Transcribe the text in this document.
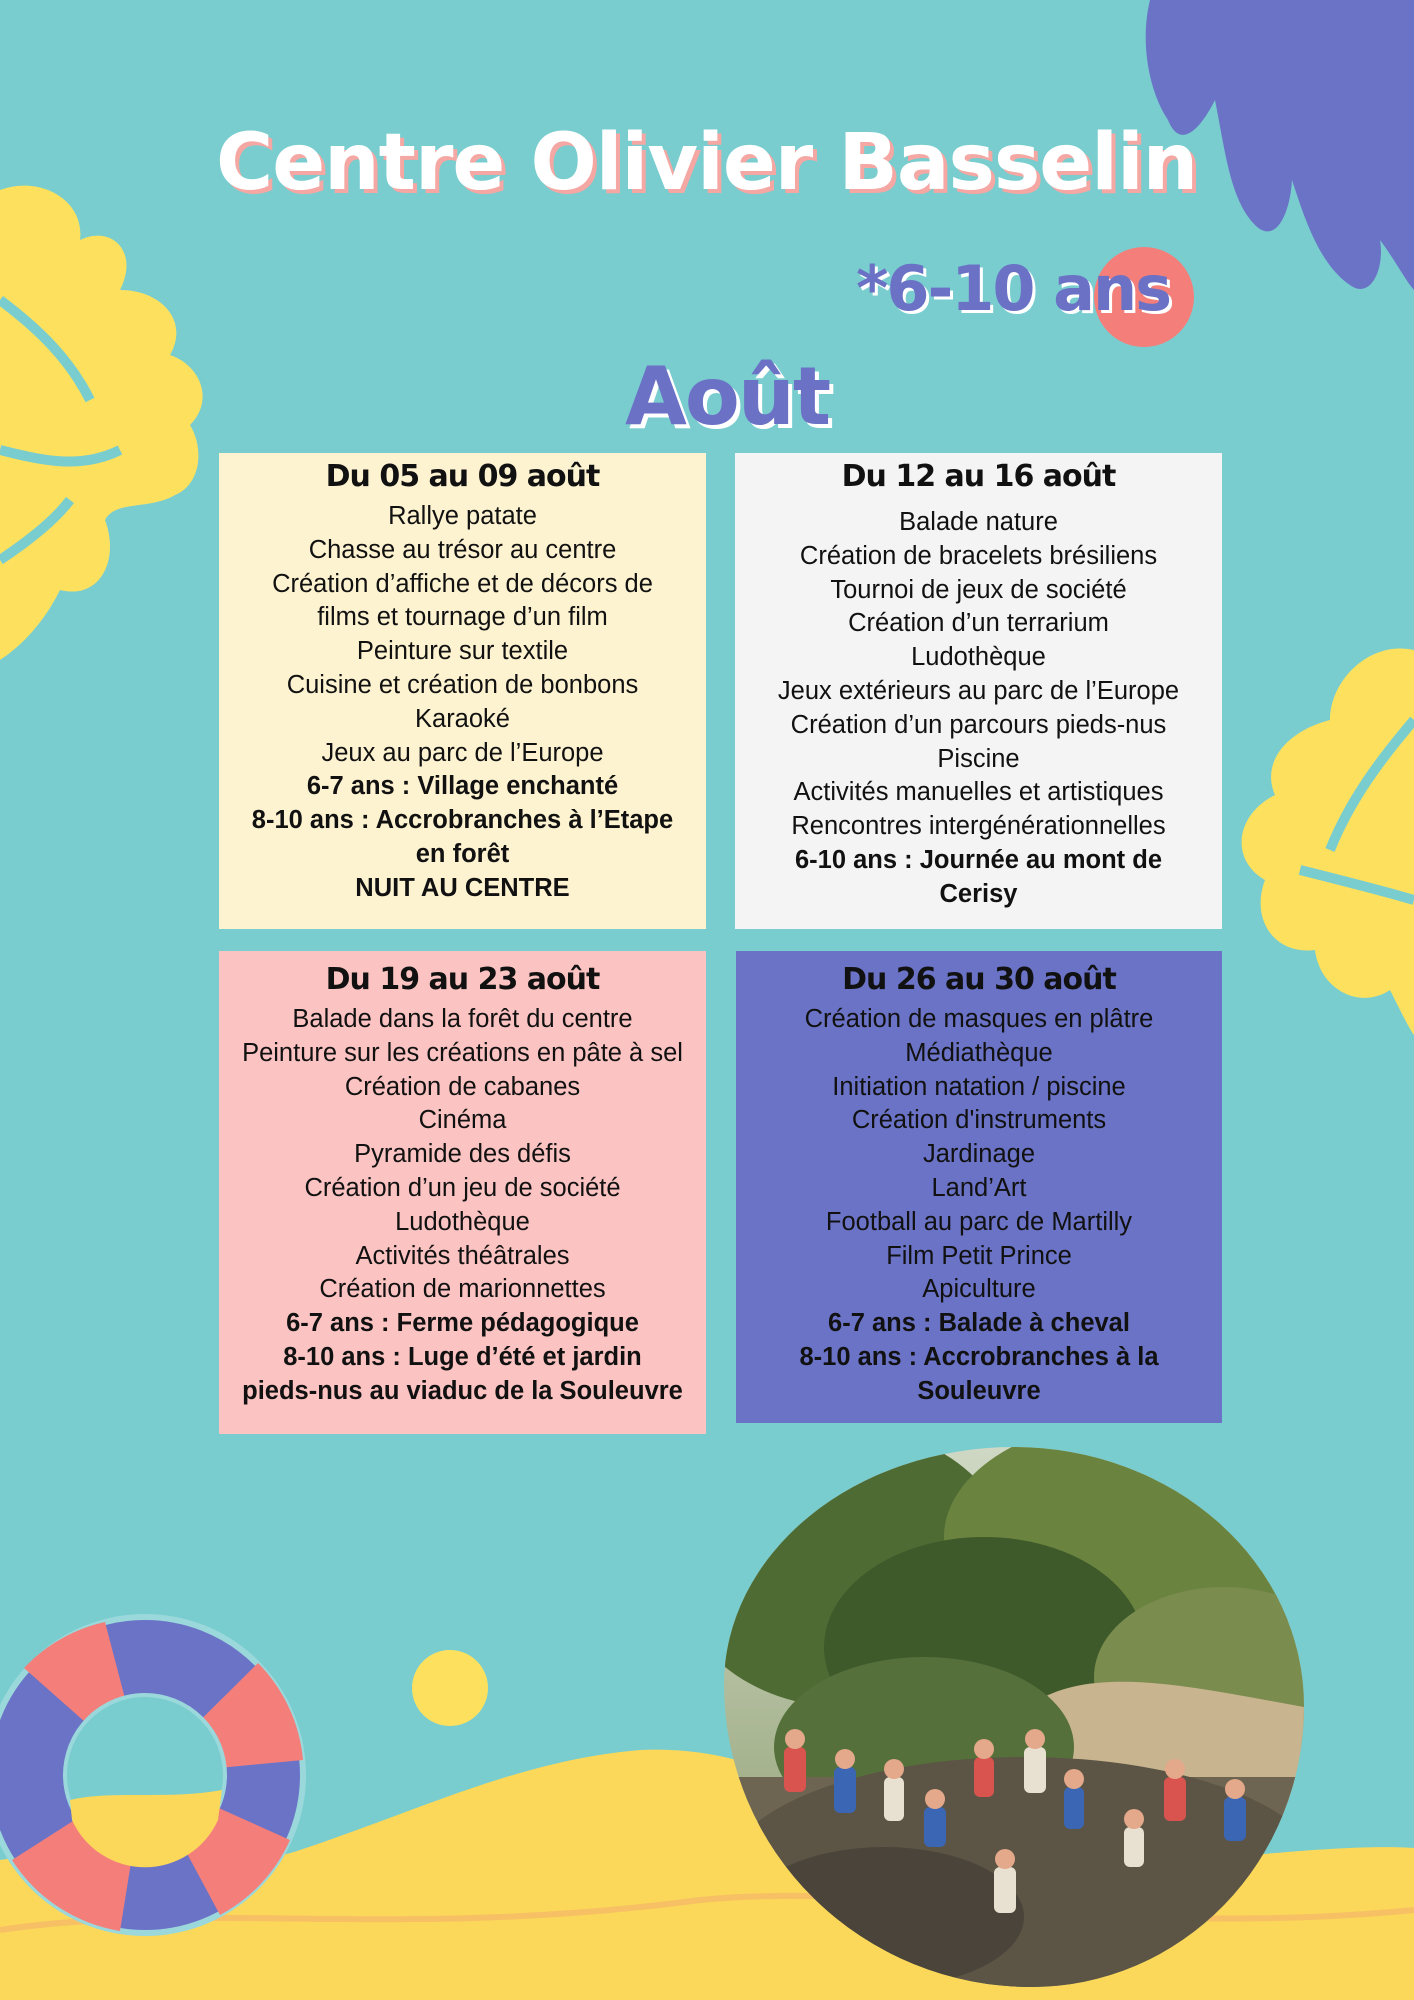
Centre Olivier Basselin
*6-10 ans
Août
Du 05 au 09 août
Rallye patate
Chasse au trésor au centre
Création d’affiche et de décors de
films et tournage d’un film
Peinture sur textile
Cuisine et création de bonbons
Karaoké
Jeux au parc de l’Europe
6-7 ans : Village enchanté
8-10 ans : Accrobranches à l’Etape
en forêt
NUIT AU CENTRE
Du 12 au 16 août
Balade nature
Création de bracelets brésiliens
Tournoi de jeux de société
Création d’un terrarium
Ludothèque
Jeux extérieurs au parc de l’Europe
Création d’un parcours pieds-nus
Piscine
Activités manuelles et artistiques
Rencontres intergénérationnelles
6-10 ans : Journée au mont de
Cerisy
Du 19 au 23 août
Balade dans la forêt du centre
Peinture sur les créations en pâte à sel
Création de cabanes
Cinéma
Pyramide des défis
Création d’un jeu de société
Ludothèque
Activités théâtrales
Création de marionnettes
6-7 ans : Ferme pédagogique
8-10 ans : Luge d’été et jardin
pieds-nus au viaduc de la Souleuvre
Du 26 au 30 août
Création de masques en plâtre
Médiathèque
Initiation natation / piscine
Création d'instruments
Jardinage
Land’Art
Football au parc de Martilly
Film Petit Prince
Apiculture
6-7 ans : Balade à cheval
8-10 ans : Accrobranches à la
Souleuvre
